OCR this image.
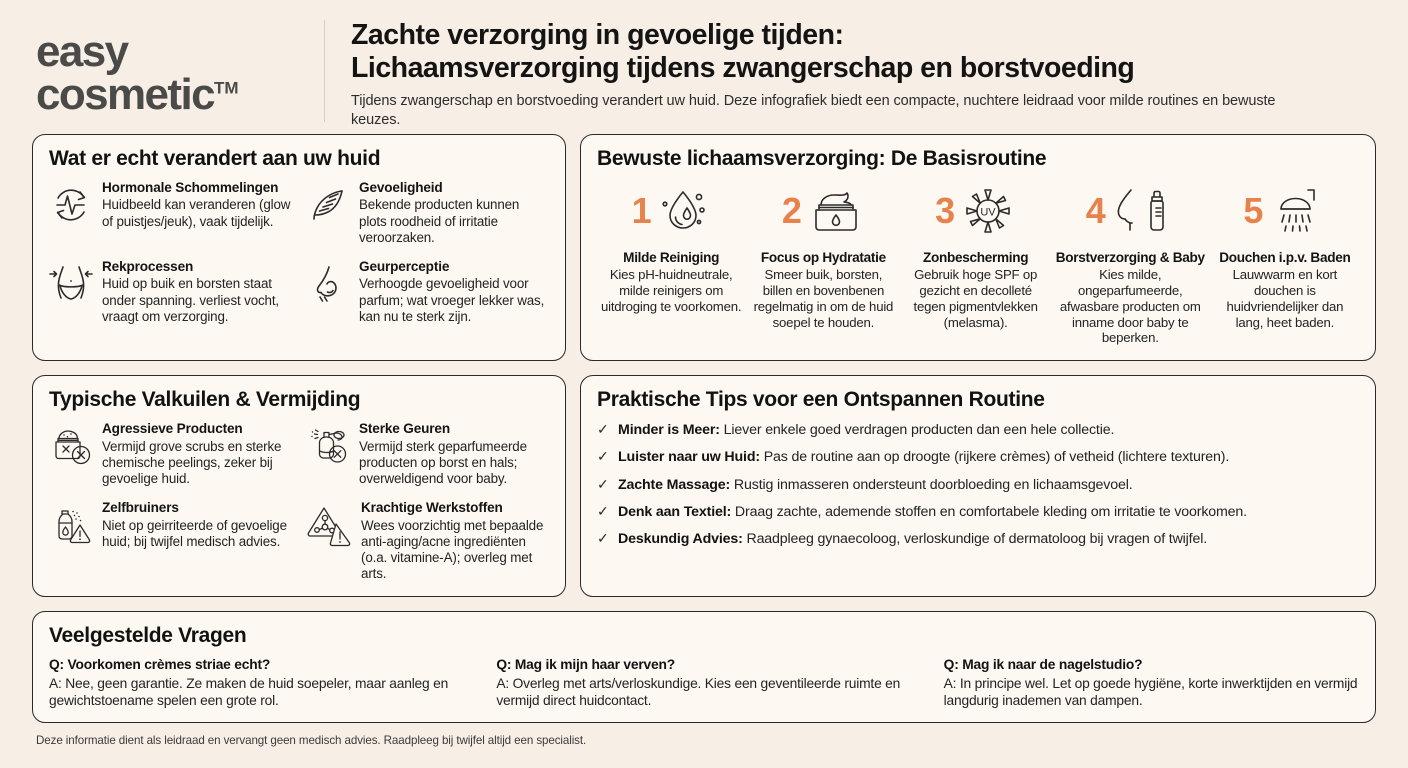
easy
cosmetic™
Zachte verzorging in gevoelige tijden:
Lichaamsverzorging tijdens zwangerschap en borstvoeding
Tijdens zwangerschap en borstvoeding verandert uw huid. Deze infografiek biedt een compacte, nuchtere leidraad voor milde routines en bewuste keuzes.
Wat er echt verandert aan uw huid
Hormonale Schommelingen
Huidbeeld kan veranderen (glow of puistjes/jeuk), vaak tijdelijk.
Gevoeligheid
Bekende producten kunnen plots roodheid of irritatie veroorzaken.
Rekprocessen
Huid op buik en borsten staat onder spanning. verliest vocht, vraagt om verzorging.
Geurperceptie
Verhoogde gevoeligheid voor parfum; wat vroeger lekker was, kan nu te sterk zijn.
Bewuste lichaamsverzorging: De Basisroutine
1
Milde Reiniging
Kies pH-huidneutrale, milde reinigers om uitdroging te voorkomen.
2
Focus op Hydratatie
Smeer buik, borsten, billen en bovenbenen regelmatig in om de huid soepel te houden.
3 UV
Zonbescherming
Gebruik hoge SPF op gezicht en decolleté tegen pigmentvlekken (melasma).
4
Borstverzorging & Baby
Kies milde, ongeparfumeerde, afwasbare producten om inname door baby te beperken.
5
Douchen i.p.v. Baden
Lauwwarm en kort douchen is huidvriendelijker dan lang, heet baden.
Typische Valkuilen & Vermijding
Agressieve Producten
Vermijd grove scrubs en sterke chemische peelings, zeker bij gevoelige huid.
Sterke Geuren
Vermijd sterk geparfumeerde producten op borst en hals; overweldigend voor baby.
Zelfbruiners
Niet op geirriteerde of gevoelige huid; bij twijfel medisch advies.
Krachtige Werkstoffen
Wees voorzichtig met bepaalde anti-aging/acne ingrediënten (o.a. vitamine-A); overleg met arts.
Praktische Tips voor een Ontspannen Routine
✓ Minder is Meer: Liever enkele goed verdragen producten dan een hele collectie.
✓ Luister naar uw Huid: Pas de routine aan op droogte (rijkere crèmes) of vetheid (lichtere texturen).
✓ Zachte Massage: Rustig inmasseren ondersteunt doorbloeding en lichaamsgevoel.
✓ Denk aan Textiel: Draag zachte, ademende stoffen en comfortabele kleding om irritatie te voorkomen.
✓ Deskundig Advies: Raadpleeg gynaecoloog, verloskundige of dermatoloog bij vragen of twijfel.
Veelgestelde Vragen
Q: Voorkomen crèmes striae echt?
A: Nee, geen garantie. Ze maken de huid soepeler, maar aanleg en gewichtstoename spelen een grote rol.
Q: Mag ik mijn haar verven?
A: Overleg met arts/verloskundige. Kies een geventileerde ruimte en vermijd direct huidcontact.
Q: Mag ik naar de nagelstudio?
A: In principe wel. Let op goede hygiëne, korte inwerktijden en vermijd langdurig inademen van dampen.
Deze informatie dient als leidraad en vervangt geen medisch advies. Raadpleeg bij twijfel altijd een specialist.
